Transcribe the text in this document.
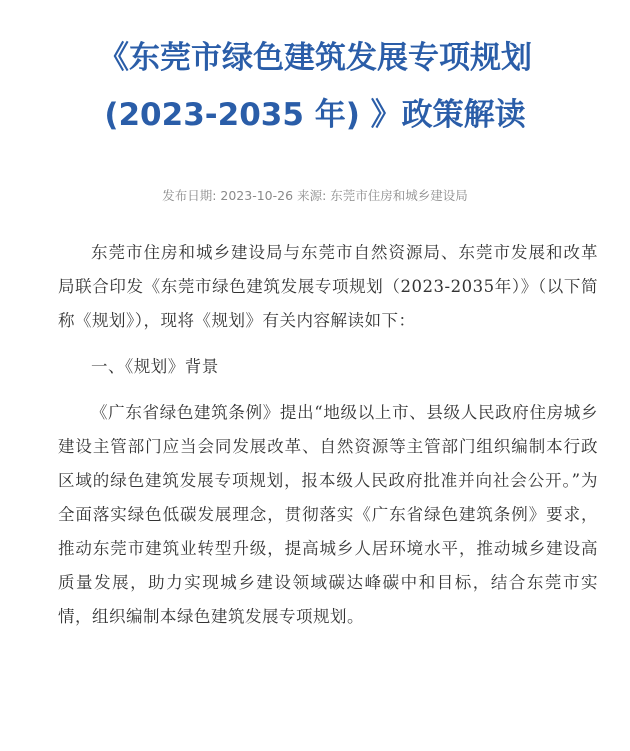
《东莞市绿色建筑发展专项规划

(2023-2035 年) 》政策解读

发布日期: 2023-10-26 来源: 东莞市住房和城乡建设局

东莞市住房和城乡建设局与东莞市自然资源局、东莞市发展和改革局联合印发《东莞市绿色建筑发展专项规划（2023-2035年）》（以下简称《规划》），现将《规划》有关内容解读如下：

一、《规划》背景

《广东省绿色建筑条例》提出“地级以上市、县级人民政府住房城乡建设主管部门应当会同发展改革、自然资源等主管部门组织编制本行政区域的绿色建筑发展专项规划，报本级人民政府批准并向社会公开。”为全面落实绿色低碳发展理念，贯彻落实《广东省绿色建筑条例》要求，推动东莞市建筑业转型升级，提高城乡人居环境水平，推动城乡建设高质量发展，助力实现城乡建设领域碳达峰碳中和目标，结合东莞市实情，组织编制本绿色建筑发展专项规划。
